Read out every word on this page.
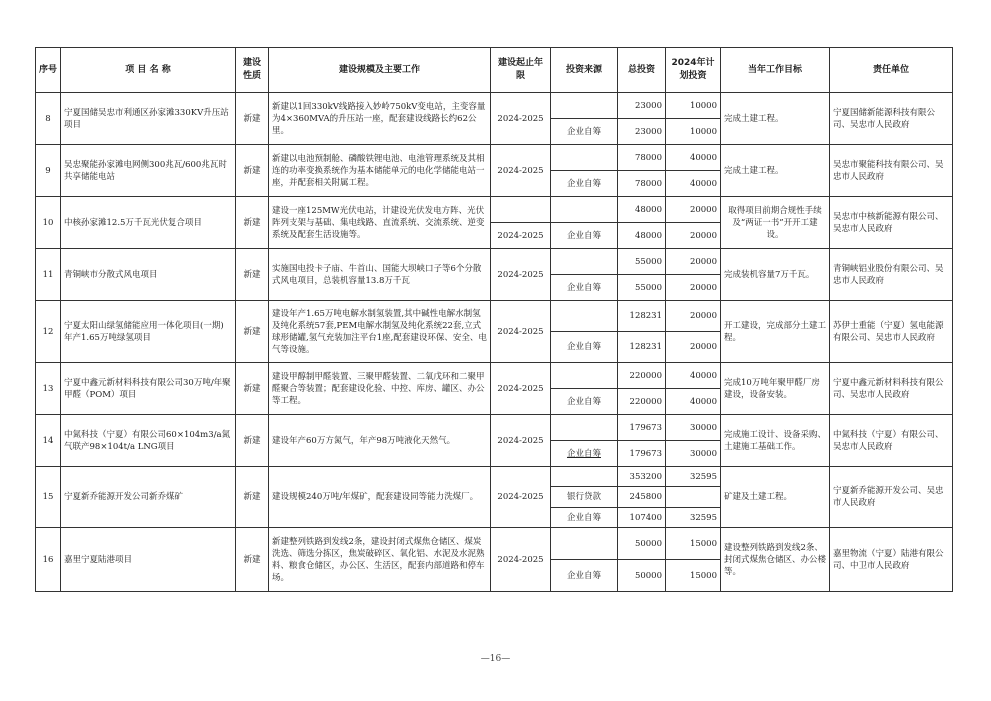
序号	项 目 名 称	建设性质	建设规模及主要工作	建设起止年限	投资来源	总投资	2024年计划投资	当年工作目标	责任单位
8	宁夏国储吴忠市利通区孙家滩330KV升压站项目	新建	新建以1回330kV线路接入妙岭750kV变电站，主变容量为4×360MVA的升压站一座，配套建设线路长约62公里。	2024-2025		23000	10000	完成土建工程。	宁夏国储新能源科技有限公司、吴忠市人民政府
					企业自筹	23000	10000		
9	吴忠聚能孙家滩电网侧300兆瓦/600兆瓦时共享储能电站	新建	新建以电池预制舱、磷酸铁锂电池、电池管理系统及其相连的功率变换系统作为基本储能单元的电化学储能电站一座，并配套相关附属工程。	2024-2025		78000	40000	完成土建工程。	吴忠市聚能科技有限公司、吴忠市人民政府
					企业自筹	78000	40000		
10	中核孙家滩12.5万千瓦光伏复合项目	新建	建设一座125MW光伏电站，计建设光伏发电方阵、光伏阵列支架与基础、集电线路、直流系统、交流系统、逆变系统及配套生活设施等。			48000	20000	取得项目前期合规性手续及“两证一书”开开工建设。	吴忠市中核新能源有限公司、吴忠市人民政府
				2024-2025	企业自筹	48000	20000		
11	青铜峡市分散式风电项目	新建	实施国电投卡子庙、牛首山、国能大坝峡口子等6个分散式风电项目，总装机容量13.8万千瓦	2024-2025		55000	20000	完成装机容量7万千瓦。	青铜峡铝业股份有限公司、吴忠市人民政府
					企业自筹	55000	20000		
12	宁夏太阳山绿氢储能应用一体化项目(一期)年产1.65万吨绿氢项目	新建	建设年产1.65万吨电解水制氢装置,其中碱性电解水制氢及纯化系统57套,PEM电解水制氢及纯化系统22套,立式球形储罐,氢气充装加注平台1座,配套建设环保、安全、电气等设施。	2024-2025		128231	20000	开工建设，完成部分土建工程。	苏伊士重能（宁夏）氢电能源有限公司、吴忠市人民政府
					企业自筹	128231	20000		
13	宁夏中鑫元新材料科技有限公司30万吨/年聚甲醛（POM）项目	新建	建设甲醇制甲醛装置、三聚甲醛装置、二氧戊环和二聚甲醛聚合等装置；配套建设化验、中控、库房、罐区、办公等工程。	2024-2025		220000	40000	完成10万吨年聚甲醛厂房建设，设备安装。	宁夏中鑫元新材料科技有限公司、吴忠市人民政府
					企业自筹	220000	40000		
14	中氮科技（宁夏）有限公司60×104m3/a氮气联产98×104t/a LNG项目	新建	建设年产60万方氮气，年产98万吨液化天然气。	2024-2025		179673	30000	完成施工设计、设备采购、土建施工基础工作。	中氮科技（宁夏）有限公司、吴忠市人民政府
					企业自筹	179673	30000		
15	宁夏新乔能源开发公司新乔煤矿	新建	建设规模240万吨/年煤矿，配套建设同等能力洗煤厂。	2024-2025		353200	32595	矿建及土建工程。	宁夏新乔能源开发公司、吴忠市人民政府
					银行贷款	245800			
					企业自筹	107400	32595		
16	嘉里宁夏陆港项目	新建	新建整列铁路到发线2条，建设封闭式煤焦仓储区、煤炭洗选、筛选分拣区，焦炭破碎区、氧化铝、水泥及水泥熟料、粮食仓储区，办公区、生活区，配套内部道路和停车场。	2024-2025		50000	15000	建设整列铁路到发线2条、封闭式煤焦仓储区、办公楼等。	嘉里物流（宁夏）陆港有限公司、中卫市人民政府
					企业自筹	50000	15000		
—16—
